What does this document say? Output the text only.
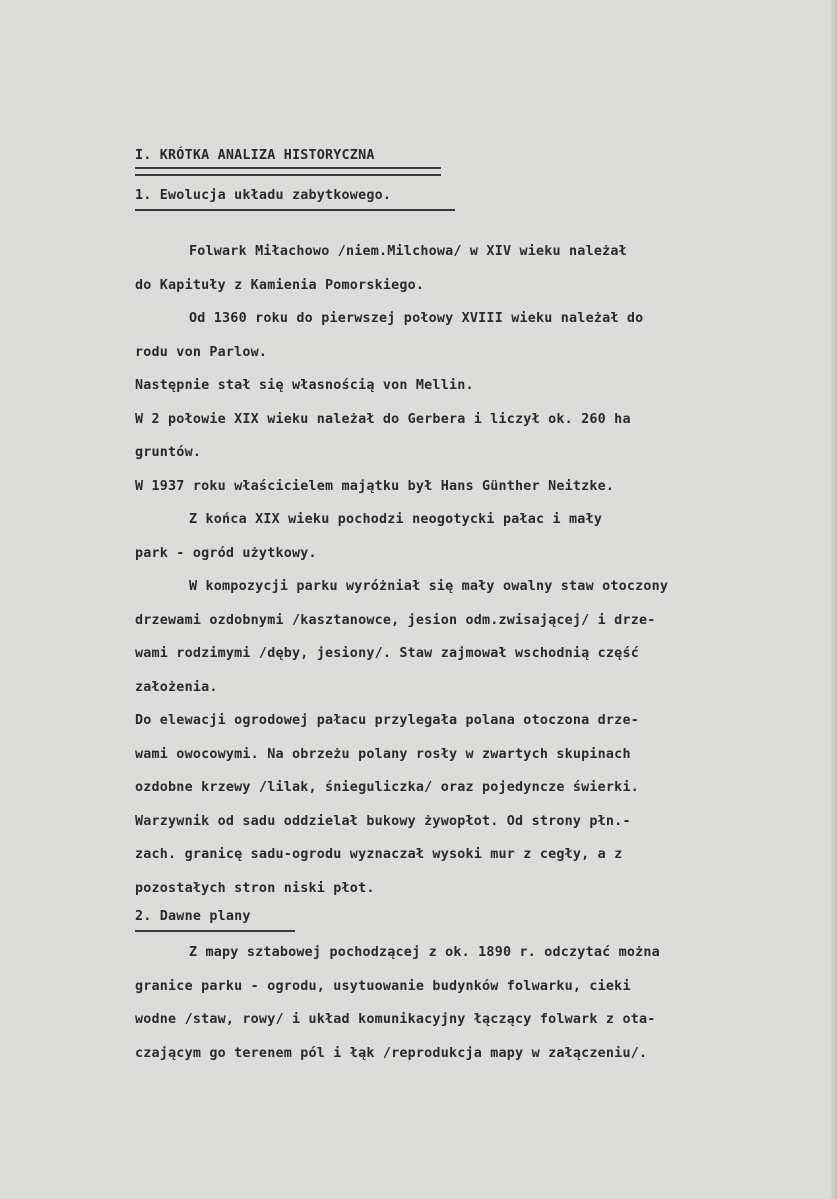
I. KRÓTKA ANALIZA HISTORYCZNA
1. Ewolucja układu zabytkowego.
Folwark Miłachowo /niem.Milchowa/ w XIV wieku należał
do Kapituły z Kamienia Pomorskiego.
Od 1360 roku do pierwszej połowy XVIII wieku należał do
rodu von Parlow.
Następnie stał się własnością von Mellin.
W 2 połowie XIX wieku należał do Gerbera i liczył ok. 260 ha
gruntów.
W 1937 roku właścicielem majątku był Hans Günther Neitzke.
Z końca XIX wieku pochodzi neogotycki pałac i mały
park - ogród użytkowy.
W kompozycji parku wyróżniał się mały owalny staw otoczony
drzewami ozdobnymi /kasztanowce, jesion odm.zwisającej/ i drze-
wami rodzimymi /dęby, jesiony/. Staw zajmował wschodnią część
założenia.
Do elewacji ogrodowej pałacu przylegała polana otoczona drze-
wami owocowymi. Na obrzeżu polany rosły w zwartych skupinach
ozdobne krzewy /lilak, śnieguliczka/ oraz pojedyncze świerki.
Warzywnik od sadu oddzielał bukowy żywopłot. Od strony płn.-
zach. granicę sadu-ogrodu wyznaczał wysoki mur z cegły, a z
pozostałych stron niski płot.
2. Dawne plany
Z mapy sztabowej pochodzącej z ok. 1890 r. odczytać można
granice parku - ogrodu, usytuowanie budynków folwarku, cieki
wodne /staw, rowy/ i układ komunikacyjny łączący folwark z ota-
czającym go terenem pól i łąk /reprodukcja mapy w załączeniu/.
